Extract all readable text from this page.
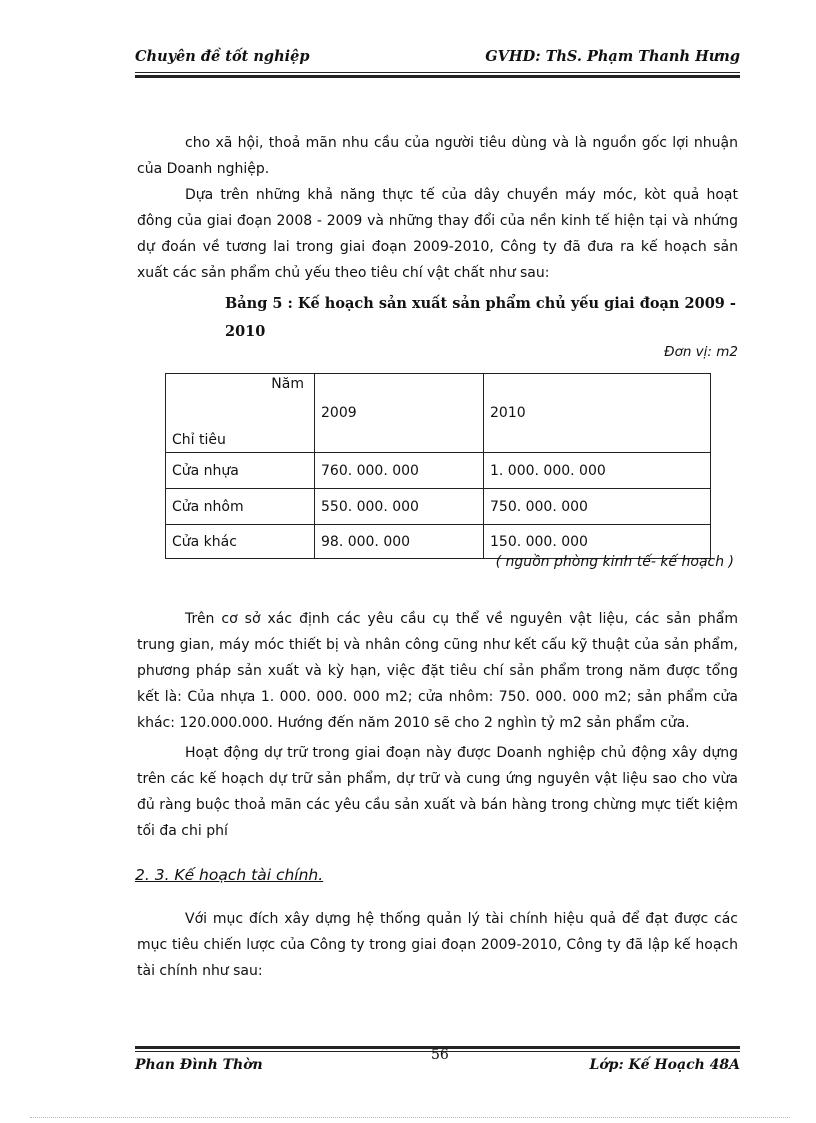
Chuyên đề tốt nghiệp	GVHD: ThS. Phạm Thanh Hưng

cho xã hội, thoả mãn nhu cầu của người tiêu dùng và là nguồn gốc lợi nhuận của Doanh nghiệp.

Dựa trên những khả năng thực tế của dây chuyền máy móc, kòt quả hoạt đông của giai đoạn 2008 - 2009 và những thay đổi của nền kinh tế hiện tại và nhứng dự đoán về tương lai trong giai đoạn 2009-2010, Công ty đã đưa ra kế hoạch sản xuất các sản phẩm chủ yếu theo tiêu chí vật chất như sau:

Bảng 5 : Kế hoạch sản xuất sản phẩm chủ yếu giai đoạn 2009 - 2010

Đơn vị: m2
Năm
Chỉ tiêu	2009	2010
Cửa nhựa	760. 000. 000	1. 000. 000. 000
Cửa nhôm	550. 000. 000	750. 000. 000
Cửa khác	98. 000. 000	150. 000. 000
( nguồn phòng kinh tế- kế hoạch )

Trên cơ sở xác định các yêu cầu cụ thể về nguyên vật liệu, các sản phẩm trung gian, máy móc thiết bị và nhân công cũng như kết cấu kỹ thuật của sản phẩm, phương pháp sản xuất và kỳ hạn, việc đặt tiêu chí sản phẩm trong năm được tổng kết là: Của nhựa 1. 000. 000. 000 m2; cửa nhôm: 750. 000. 000 m2; sản phẩm cửa khác: 120.000.000. Hướng đến năm 2010 sẽ cho 2 nghìn tỷ m2 sản phẩm cửa.

Hoạt động dự trữ trong giai đoạn này được Doanh nghiệp chủ động xây dựng trên các kế hoạch dự trữ sản phẩm, dự trữ và cung ứng nguyên vật liệu sao cho vừa đủ ràng buộc thoả mãn các yêu cầu sản xuất và bán hàng trong chừng mực tiết kiệm tối đa chi phí

2. 3. Kế hoạch tài chính.

Với mục đích xây dựng hệ thống quản lý tài chính hiệu quả để đạt được các mục tiêu chiến lược của Công ty trong giai đoạn 2009-2010, Công ty đã lập kế hoạch tài chính như sau:

Phan Đình Thờn
56
Lớp: Kế Hoạch 48A
